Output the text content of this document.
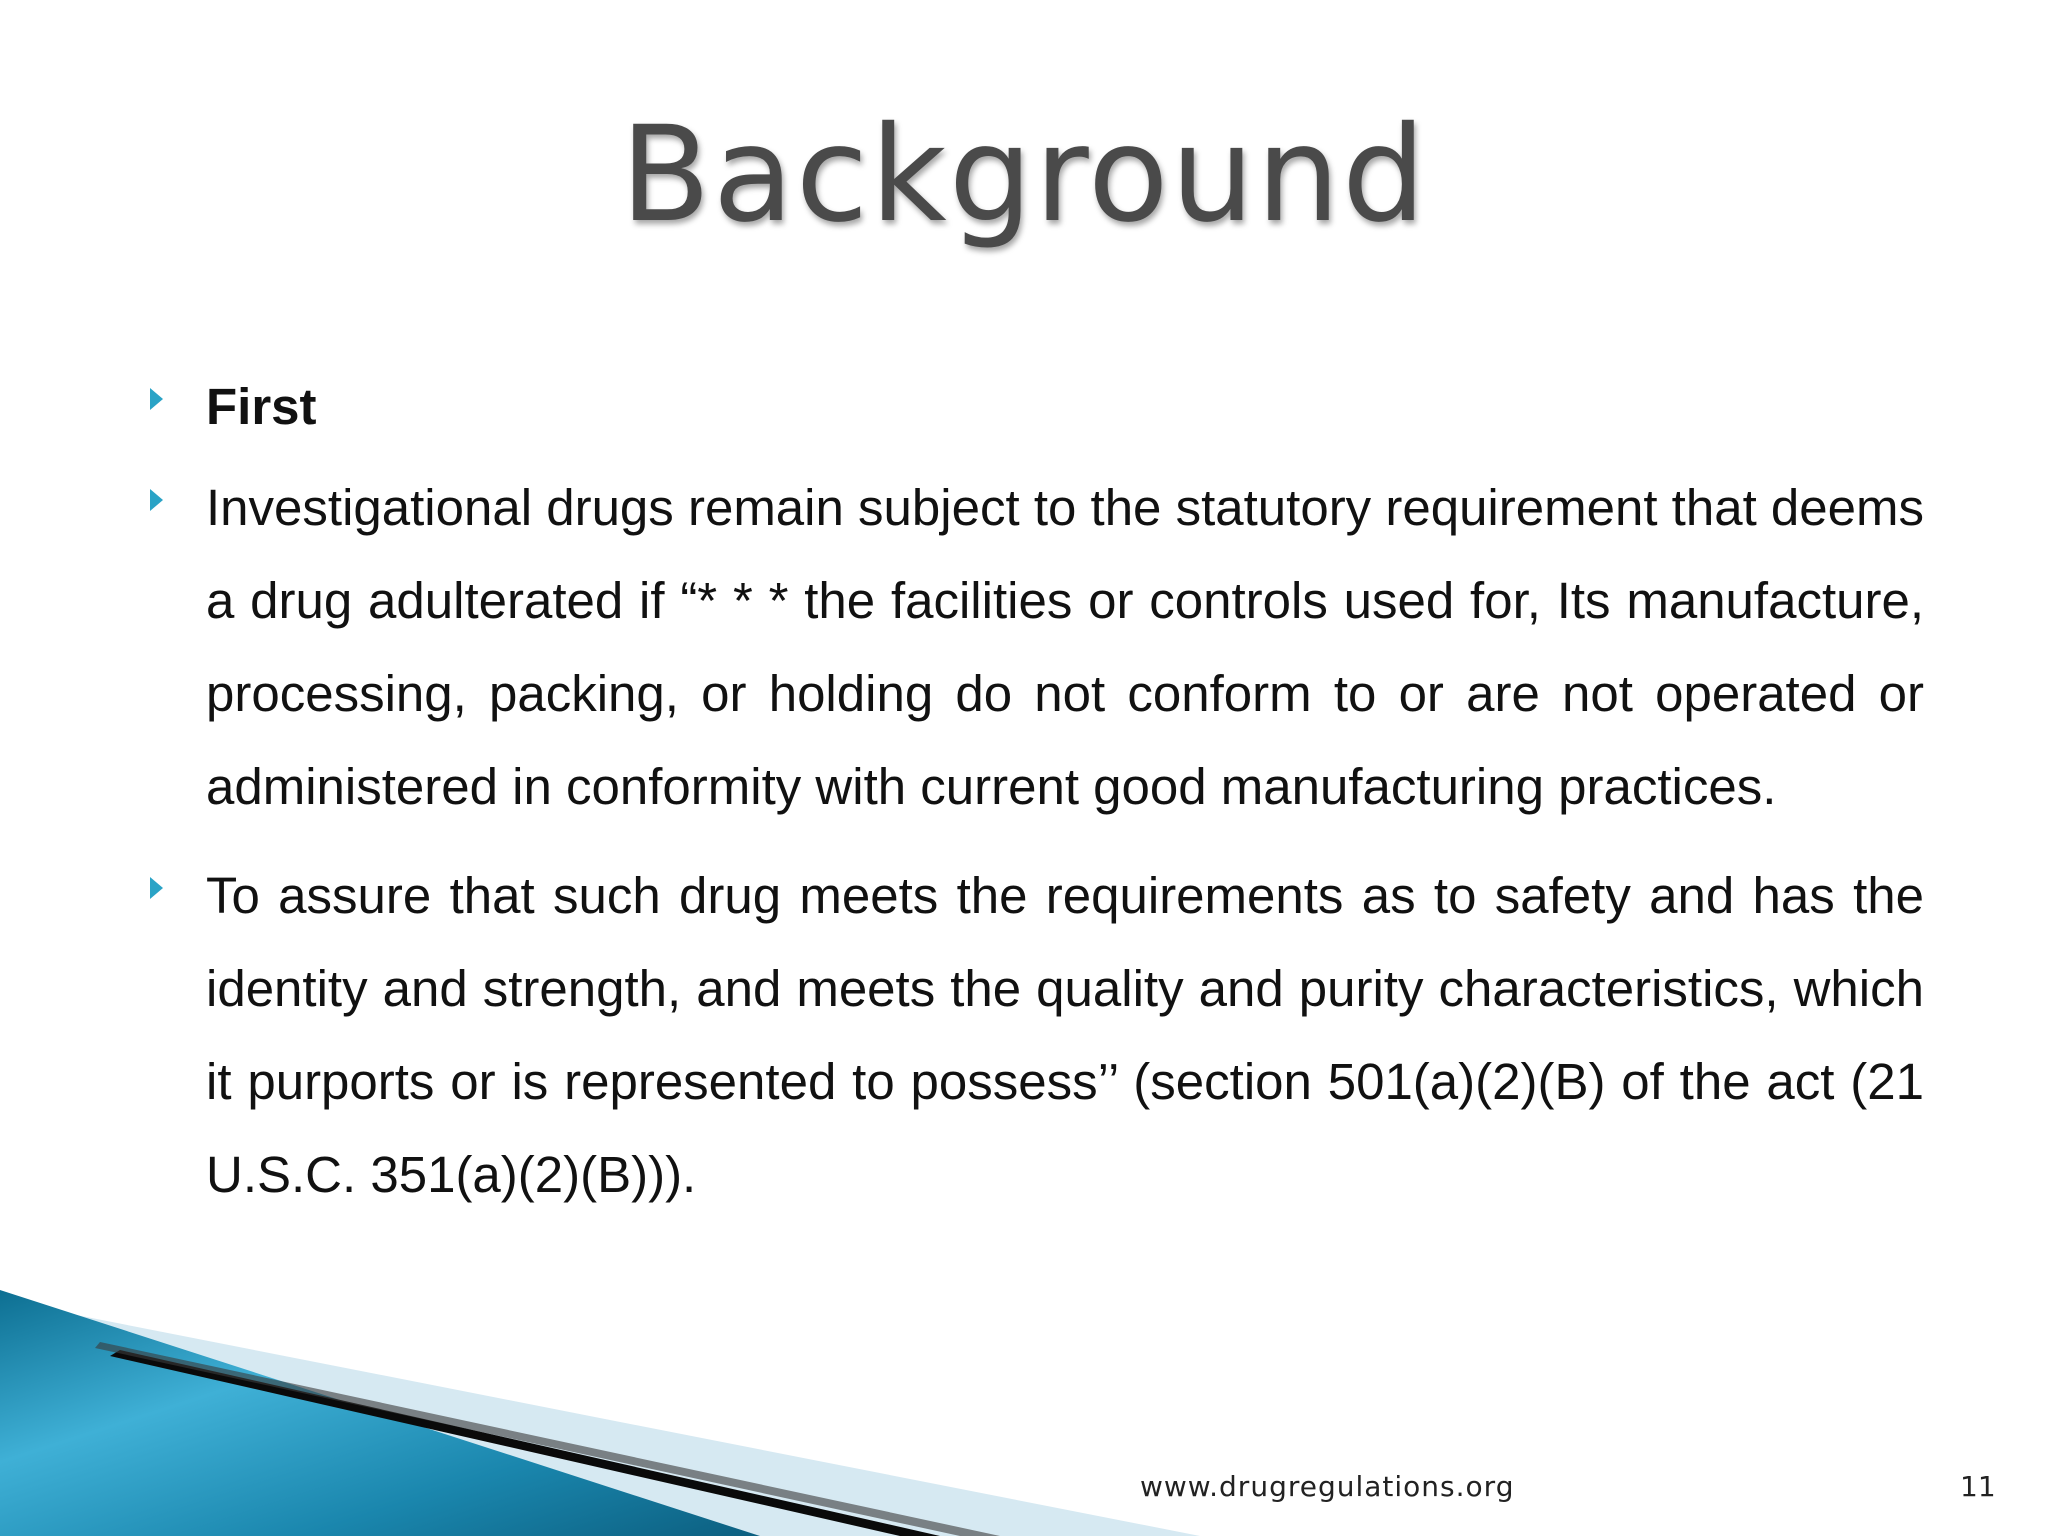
Background
First
Investigational drugs remain subject to the statutory requirement that deems a drug adulterated if “* * * the facilities or controls used for, Its manufacture, processing, packing, or holding do not conform to or are not operated or administered in conformity with current good manufacturing practices.
To assure that such drug meets the requirements as to safety and has the identity and strength, and meets the quality and purity characteristics, which it purports or is represented to possess’’ (section 501(a)(2)(B) of the act (21 U.S.C. 351(a)(2)(B))).
www.drugregulations.org	11
